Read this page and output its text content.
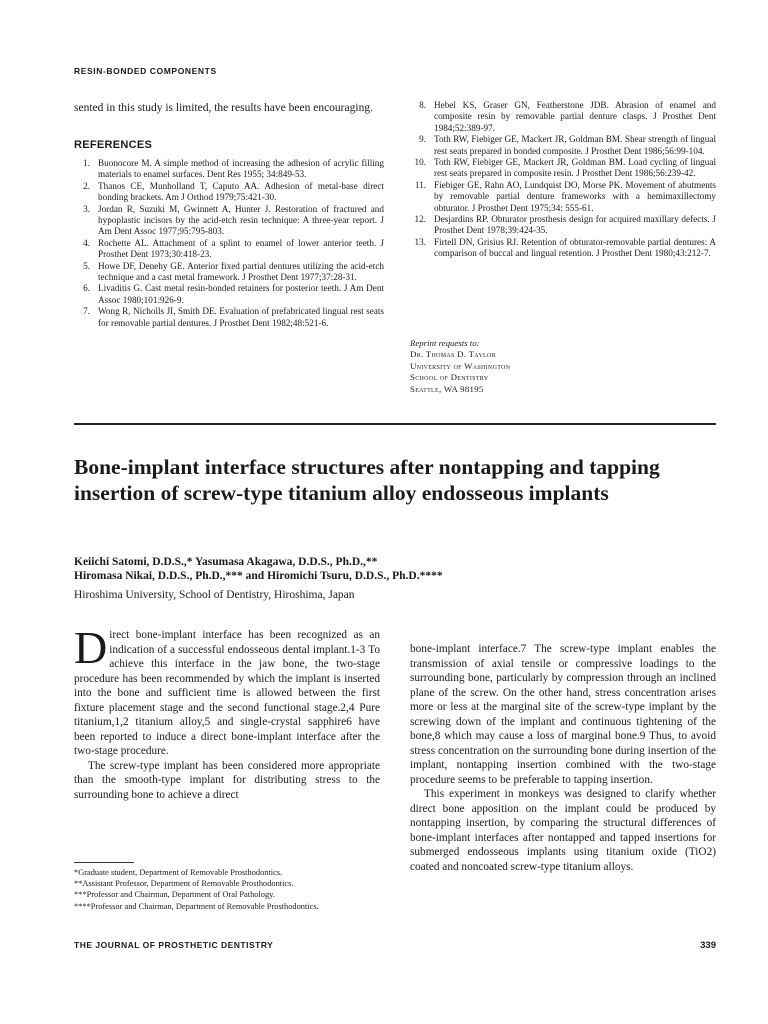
RESIN-BONDED COMPONENTS
sented in this study is limited, the results have been encouraging.
REFERENCES
1. Buonocore M. A simple method of increasing the adhesion of acrylic filling materials to enamel surfaces. Dent Res 1955; 34:849-53.
2. Thanos CE, Munholland T, Caputo AA. Adhesion of metal-base direct bonding brackets. Am J Orthod 1979;75:421-30.
3. Jordan R, Suzuki M, Gwinnett A, Hunter J. Restoration of fractured and hypoplastic incisors by the acid-etch resin technique: A three-year report. J Am Dent Assoc 1977;95:795-803.
4. Rochette AL. Attachment of a splint to enamel of lower anterior teeth. J Prosthet Dent 1973;30:418-23.
5. Howe DF, Denehy GE. Anterior fixed partial dentures utilizing the acid-etch technique and a cast metal framework. J Prosthet Dent 1977;37:28-31.
6. Livaditis G. Cast metal resin-bonded retainers for posterior teeth. J Am Dent Assoc 1980;101:926-9.
7. Wong R, Nicholls JI, Smith DE. Evaluation of prefabricated lingual rest seats for removable partial dentures. J Prosthet Dent 1982;48:521-6.
8. Hebel KS, Graser GN, Featherstone JDB. Abrasion of enamel and composite resin by removable partial denture clasps. J Prosthet Dent 1984;52:389-97.
9. Toth RW, Fiebiger GE, Mackert JR, Goldman BM. Shear strength of lingual rest seats prepared in bonded composite. J Prosthet Dent 1986;56:99-104.
10. Toth RW, Fiebiger GE, Mackert JR, Goldman BM. Load cycling of lingual rest seats prepared in composite resin. J Prosthet Dent 1986;56:239-42.
11. Fiebiger GE, Rahn AO, Lundquist DO, Morse PK. Movement of abutments by removable partial denture frameworks with a hemimaxillectomy obturator. J Prosthet Dent 1975;34: 555-61.
12. Desjardins RP. Obturator prosthesis design for acquired maxillary defects. J Prosthet Dent 1978;39:424-35.
13. Firtell DN, Grisius RJ. Retention of obturator-removable partial dentures: A comparison of buccal and lingual retention. J Prosthet Dent 1980;43:212-7.
Reprint requests to:
Dr. Thomas D. Taylor
University of Washington
School of Dentistry
Seattle, WA 98195
Bone-implant interface structures after nontapping and tapping insertion of screw-type titanium alloy endosseous implants
Keiichi Satomi, D.D.S.,* Yasumasa Akagawa, D.D.S., Ph.D.,**
Hiromasa Nikai, D.D.S., Ph.D.,*** and Hiromichi Tsuru, D.D.S., Ph.D.****
Hiroshima University, School of Dentistry, Hiroshima, Japan

Direct bone-implant interface has been recognized as an indication of a successful endosseous dental implant.1-3 To achieve this interface in the jaw bone, the two-stage procedure has been recommended by which the implant is inserted into the bone and sufficient time is allowed between the first fixture placement stage and the second functional stage.2,4 Pure titanium,1,2 titanium alloy,5 and single-crystal sapphire6 have been reported to induce a direct bone-implant interface after the two-stage procedure.

The screw-type implant has been considered more appropriate than the smooth-type implant for distributing stress to the surrounding bone to achieve a direct

bone-implant interface.7 The screw-type implant enables the transmission of axial tensile or compressive loadings to the surrounding bone, particularly by compression through an inclined plane of the screw. On the other hand, stress concentration arises more or less at the marginal site of the screw-type implant by the screwing down of the implant and continuous tightening of the bone,8 which may cause a loss of marginal bone.9 Thus, to avoid stress concentration on the surrounding bone during insertion of the implant, nontapping insertion combined with the two-stage procedure seems to be preferable to tapping insertion.

This experiment in monkeys was designed to clarify whether direct bone apposition on the implant could be produced by nontapping insertion, by comparing the structural differences of bone-implant interfaces after nontapped and tapped insertions for submerged endosseous implants using titanium oxide (TiO2) coated and noncoated screw-type titanium alloys.

*Graduate student, Department of Removable Prosthodontics.
**Assistant Professor, Department of Removable Prosthodontics.
***Professor and Chairman, Department of Oral Pathology.
****Professor and Chairman, Department of Removable Prosthodontics.
THE JOURNAL OF PROSTHETIC DENTISTRY	339
